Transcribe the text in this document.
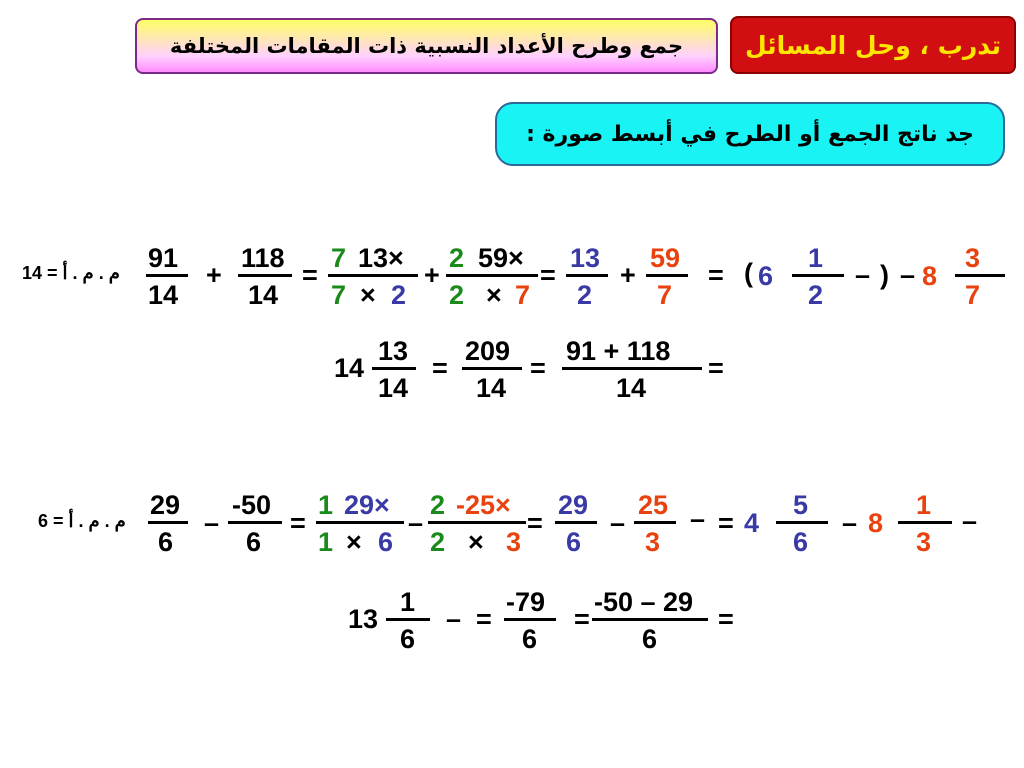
تدرب ، وحل المسائل
جمع وطرح الأعداد النسبية ذات المقامات المختلفة
جد ناتج الجمع أو الطرح في أبسط صورة :
3
7
8
–
)
–
1
2
6
(
=
59
7
+
13
2
=
59×
2
7
×
2
+
13×
7
2
×
7
=
118
14
+
91
14
م . م . أ = 14
=
91 + 118
14
=
209
14
=
13
14
14
–
1
3
8
–
5
6
4
=
–
25
3
–
29
6
=
-25×
2
3
×
2
–
29×
1
6
×
1
=
-50
6
–
29
6
م . م . أ = 6
=
-50 – 29
6
=
-79
6
=
–
1
6
13
